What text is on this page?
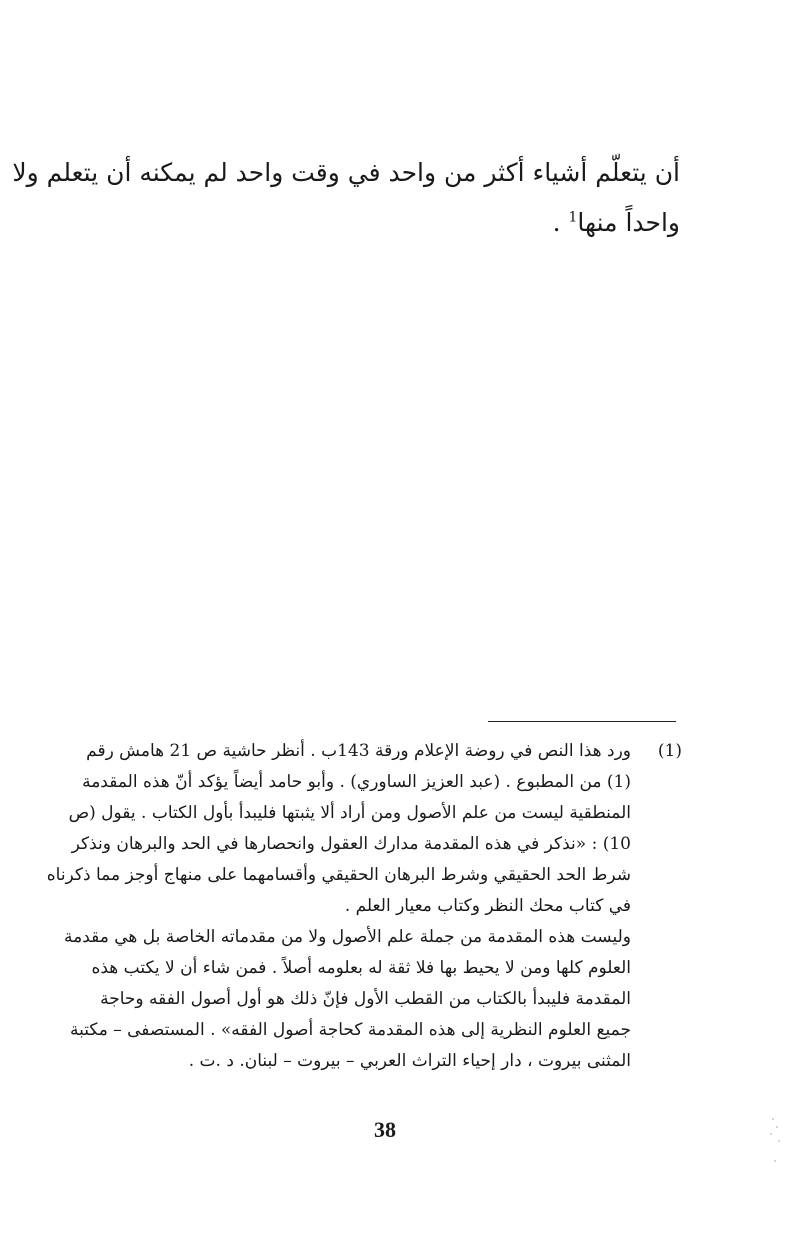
أن يتعلّم أشياء أكثر من واحد في وقت واحد لم يمكنه أن يتعلم ولا
واحداً منها$^1$ .
(1)
ورد هذا النص في روضة الإعلام ورقة 143ب . أنظر حاشية ص 21 هامش رقم
(1) من المطبوع . (عبد العزيز الساوري) . وأبو حامد أيضاً يؤكد أنّ هذه المقدمة
المنطقية ليست من علم الأصول ومن أراد ألا يثبتها فليبدأ بأول الكتاب . يقول (ص
10) : «نذكر في هذه المقدمة مدارك العقول وانحصارها في الحد والبرهان ونذكر
شرط الحد الحقيقي وشرط البرهان الحقيقي وأقسامهما على منهاج أوجز مما ذكرناه
في كتاب محك النظر وكتاب معيار العلم .
وليست هذه المقدمة من جملة علم الأصول ولا من مقدماته الخاصة بل هي مقدمة
العلوم كلها ومن لا يحيط بها فلا ثقة له بعلومه أصلاً . فمن شاء أن لا يكتب هذه
المقدمة فليبدأ بالكتاب من القطب الأول فإنّ ذلك هو أول أصول الفقه وحاجة
جميع العلوم النظرية إلى هذه المقدمة كحاجة أصول الفقه» . المستصفى – مكتبة
المثنى بيروت ، دار إحياء التراث العربي – بيروت – لبنان. د .ت .
38
